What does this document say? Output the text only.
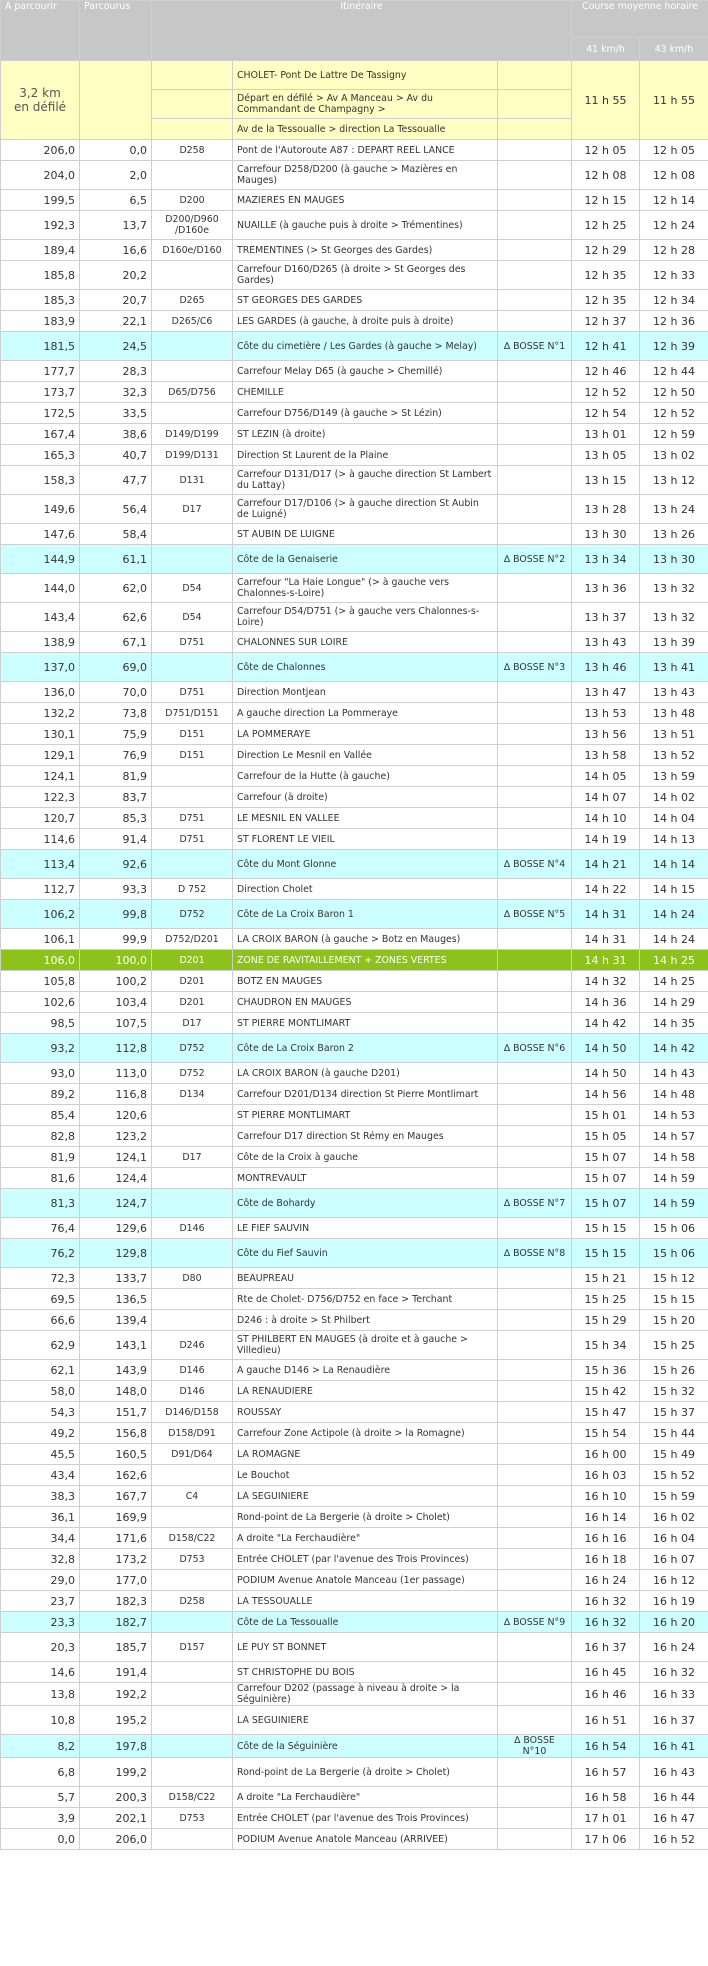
A parcourir	Parcourus	Itinéraire			Course moyenne horaire	
					41 km/h	43 km/h
3,2 km
en défilé			CHOLET- Pont De Lattre De Tassigny		11 h 55	11 h 55
			Départ en défilé > Av A Manceau > Av du Commandant de Champagny >			
			Av de la Tessoualle > direction La Tessoualle			
206,0	0,0	D258	Pont de l'Autoroute A87 : DEPART REEL LANCE		12 h 05	12 h 05
204,0	2,0		Carrefour D258/D200 (à gauche > Mazières en Mauges)		12 h 08	12 h 08
199,5	6,5	D200	MAZIERES EN MAUGES		12 h 15	12 h 14
192,3	13,7	D200/D960 /D160e	NUAILLE (à gauche puis à droite > Trémentines)		12 h 25	12 h 24
189,4	16,6	D160e/D160	TREMENTINES (> St Georges des Gardes)		12 h 29	12 h 28
185,8	20,2		Carrefour D160/D265 (à droite > St Georges des Gardes)		12 h 35	12 h 33
185,3	20,7	D265	ST GEORGES DES GARDES		12 h 35	12 h 34
183,9	22,1	D265/C6	LES GARDES (à gauche, à droite puis à droite)		12 h 37	12 h 36
181,5	24,5		Côte du cimetière / Les Gardes (à gauche > Melay)	∆ BOSSE N°1	12 h 41	12 h 39
177,7	28,3		Carrefour Melay D65 (à gauche > Chemillé)		12 h 46	12 h 44
173,7	32,3	D65/D756	CHEMILLE		12 h 52	12 h 50
172,5	33,5		Carrefour D756/D149 (à gauche > St Lézin)		12 h 54	12 h 52
167,4	38,6	D149/D199	ST LEZIN (à droite)		13 h 01	12 h 59
165,3	40,7	D199/D131	Direction St Laurent de la Plaine		13 h 05	13 h 02
158,3	47,7	D131	Carrefour D131/D17 (> à gauche direction St Lambert du Lattay)		13 h 15	13 h 12
149,6	56,4	D17	Carrefour D17/D106 (> à gauche direction St Aubin de Luigné)		13 h 28	13 h 24
147,6	58,4		ST AUBIN DE LUIGNE		13 h 30	13 h 26
144,9	61,1		Côte de la Genaiserie	∆ BOSSE N°2	13 h 34	13 h 30
144,0	62,0	D54	Carrefour "La Haie Longue" (> à gauche vers Chalonnes-s-Loire)		13 h 36	13 h 32
143,4	62,6	D54	Carrefour D54/D751 (> à gauche vers Chalonnes-s-Loire)		13 h 37	13 h 32
138,9	67,1	D751	CHALONNES SUR LOIRE		13 h 43	13 h 39
137,0	69,0		Côte de Chalonnes	∆ BOSSE N°3	13 h 46	13 h 41
136,0	70,0	D751	Direction Montjean		13 h 47	13 h 43
132,2	73,8	D751/D151	A gauche direction La Pommeraye		13 h 53	13 h 48
130,1	75,9	D151	LA POMMERAYE		13 h 56	13 h 51
129,1	76,9	D151	Direction Le Mesnil en Vallée		13 h 58	13 h 52
124,1	81,9		Carrefour de la Hutte (à gauche)		14 h 05	13 h 59
122,3	83,7		Carrefour (à droite)		14 h 07	14 h 02
120,7	85,3	D751	LE MESNIL EN VALLEE		14 h 10	14 h 04
114,6	91,4	D751	ST FLORENT LE VIEIL		14 h 19	14 h 13
113,4	92,6		Côte du Mont Glonne	∆ BOSSE N°4	14 h 21	14 h 14
112,7	93,3	D 752	Direction Cholet		14 h 22	14 h 15
106,2	99,8	D752	Côte de La Croix Baron 1	∆ BOSSE N°5	14 h 31	14 h 24
106,1	99,9	D752/D201	LA CROIX BARON (à gauche > Botz en Mauges)		14 h 31	14 h 24
106,0	100,0	D201	ZONE DE RAVITAILLEMENT + ZONES VERTES		14 h 31	14 h 25
105,8	100,2	D201	BOTZ EN MAUGES		14 h 32	14 h 25
102,6	103,4	D201	CHAUDRON EN MAUGES		14 h 36	14 h 29
98,5	107,5	D17	ST PIERRE MONTLIMART		14 h 42	14 h 35
93,2	112,8	D752	Côte de La Croix Baron 2	∆ BOSSE N°6	14 h 50	14 h 42
93,0	113,0	D752	LA CROIX BARON (à gauche D201)		14 h 50	14 h 43
89,2	116,8	D134	Carrefour D201/D134 direction St Pierre Montlimart		14 h 56	14 h 48
85,4	120,6		ST PIERRE MONTLIMART		15 h 01	14 h 53
82,8	123,2		Carrefour D17 direction St Rémy en Mauges		15 h 05	14 h 57
81,9	124,1	D17	Côte de la Croix à gauche		15 h 07	14 h 58
81,6	124,4		MONTREVAULT		15 h 07	14 h 59
81,3	124,7		Côte de Bohardy	∆ BOSSE N°7	15 h 07	14 h 59
76,4	129,6	D146	LE FIEF SAUVIN		15 h 15	15 h 06
76,2	129,8		Côte du Fief Sauvin	∆ BOSSE N°8	15 h 15	15 h 06
72,3	133,7	D80	BEAUPREAU		15 h 21	15 h 12
69,5	136,5		Rte de Cholet- D756/D752 en face > Terchant		15 h 25	15 h 15
66,6	139,4		D246 : à droite > St Philbert		15 h 29	15 h 20
62,9	143,1	D246	ST PHILBERT EN MAUGES (à droite et à gauche > Villedieu)		15 h 34	15 h 25
62,1	143,9	D146	A gauche D146 > La Renaudière		15 h 36	15 h 26
58,0	148,0	D146	LA RENAUDIERE		15 h 42	15 h 32
54,3	151,7	D146/D158	ROUSSAY		15 h 47	15 h 37
49,2	156,8	D158/D91	Carrefour Zone Actipole (à droite > la Romagne)		15 h 54	15 h 44
45,5	160,5	D91/D64	LA ROMAGNE		16 h 00	15 h 49
43,4	162,6		Le Bouchot		16 h 03	15 h 52
38,3	167,7	C4	LA SEGUINIERE		16 h 10	15 h 59
36,1	169,9		Rond-point de La Bergerie (à droite > Cholet)		16 h 14	16 h 02
34,4	171,6	D158/C22	A droite "La Ferchaudière"		16 h 16	16 h 04
32,8	173,2	D753	Entrée CHOLET (par l'avenue des Trois Provinces)		16 h 18	16 h 07
29,0	177,0		PODIUM Avenue Anatole Manceau (1er passage)		16 h 24	16 h 12
23,7	182,3	D258	LA TESSOUALLE		16 h 32	16 h 19
23,3	182,7		Côte de La Tessoualle	∆ BOSSE N°9	16 h 32	16 h 20
20,3	185,7	D157	LE PUY ST BONNET		16 h 37	16 h 24
14,6	191,4		ST CHRISTOPHE DU BOIS		16 h 45	16 h 32
13,8	192,2		Carrefour D202 (passage à niveau à droite > la Séguinière)		16 h 46	16 h 33
10,8	195,2		LA SEGUINIERE		16 h 51	16 h 37
8,2	197,8		Côte de la Séguinière	∆ BOSSE N°10	16 h 54	16 h 41
6,8	199,2		Rond-point de La Bergerie (à droite > Cholet)		16 h 57	16 h 43
5,7	200,3	D158/C22	A droite "La Ferchaudière"		16 h 58	16 h 44
3,9	202,1	D753	Entrée CHOLET (par l'avenue des Trois Provinces)		17 h 01	16 h 47
0,0	206,0		PODIUM Avenue Anatole Manceau (ARRIVEE)		17 h 06	16 h 52
